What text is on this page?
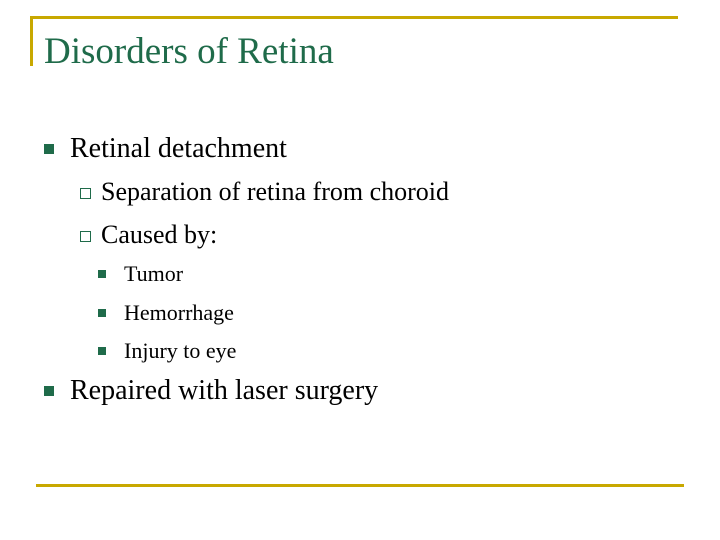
Disorders of Retina
Retinal detachment
Separation of retina from choroid
Caused by:
Tumor
Hemorrhage
Injury to eye
Repaired with laser surgery
